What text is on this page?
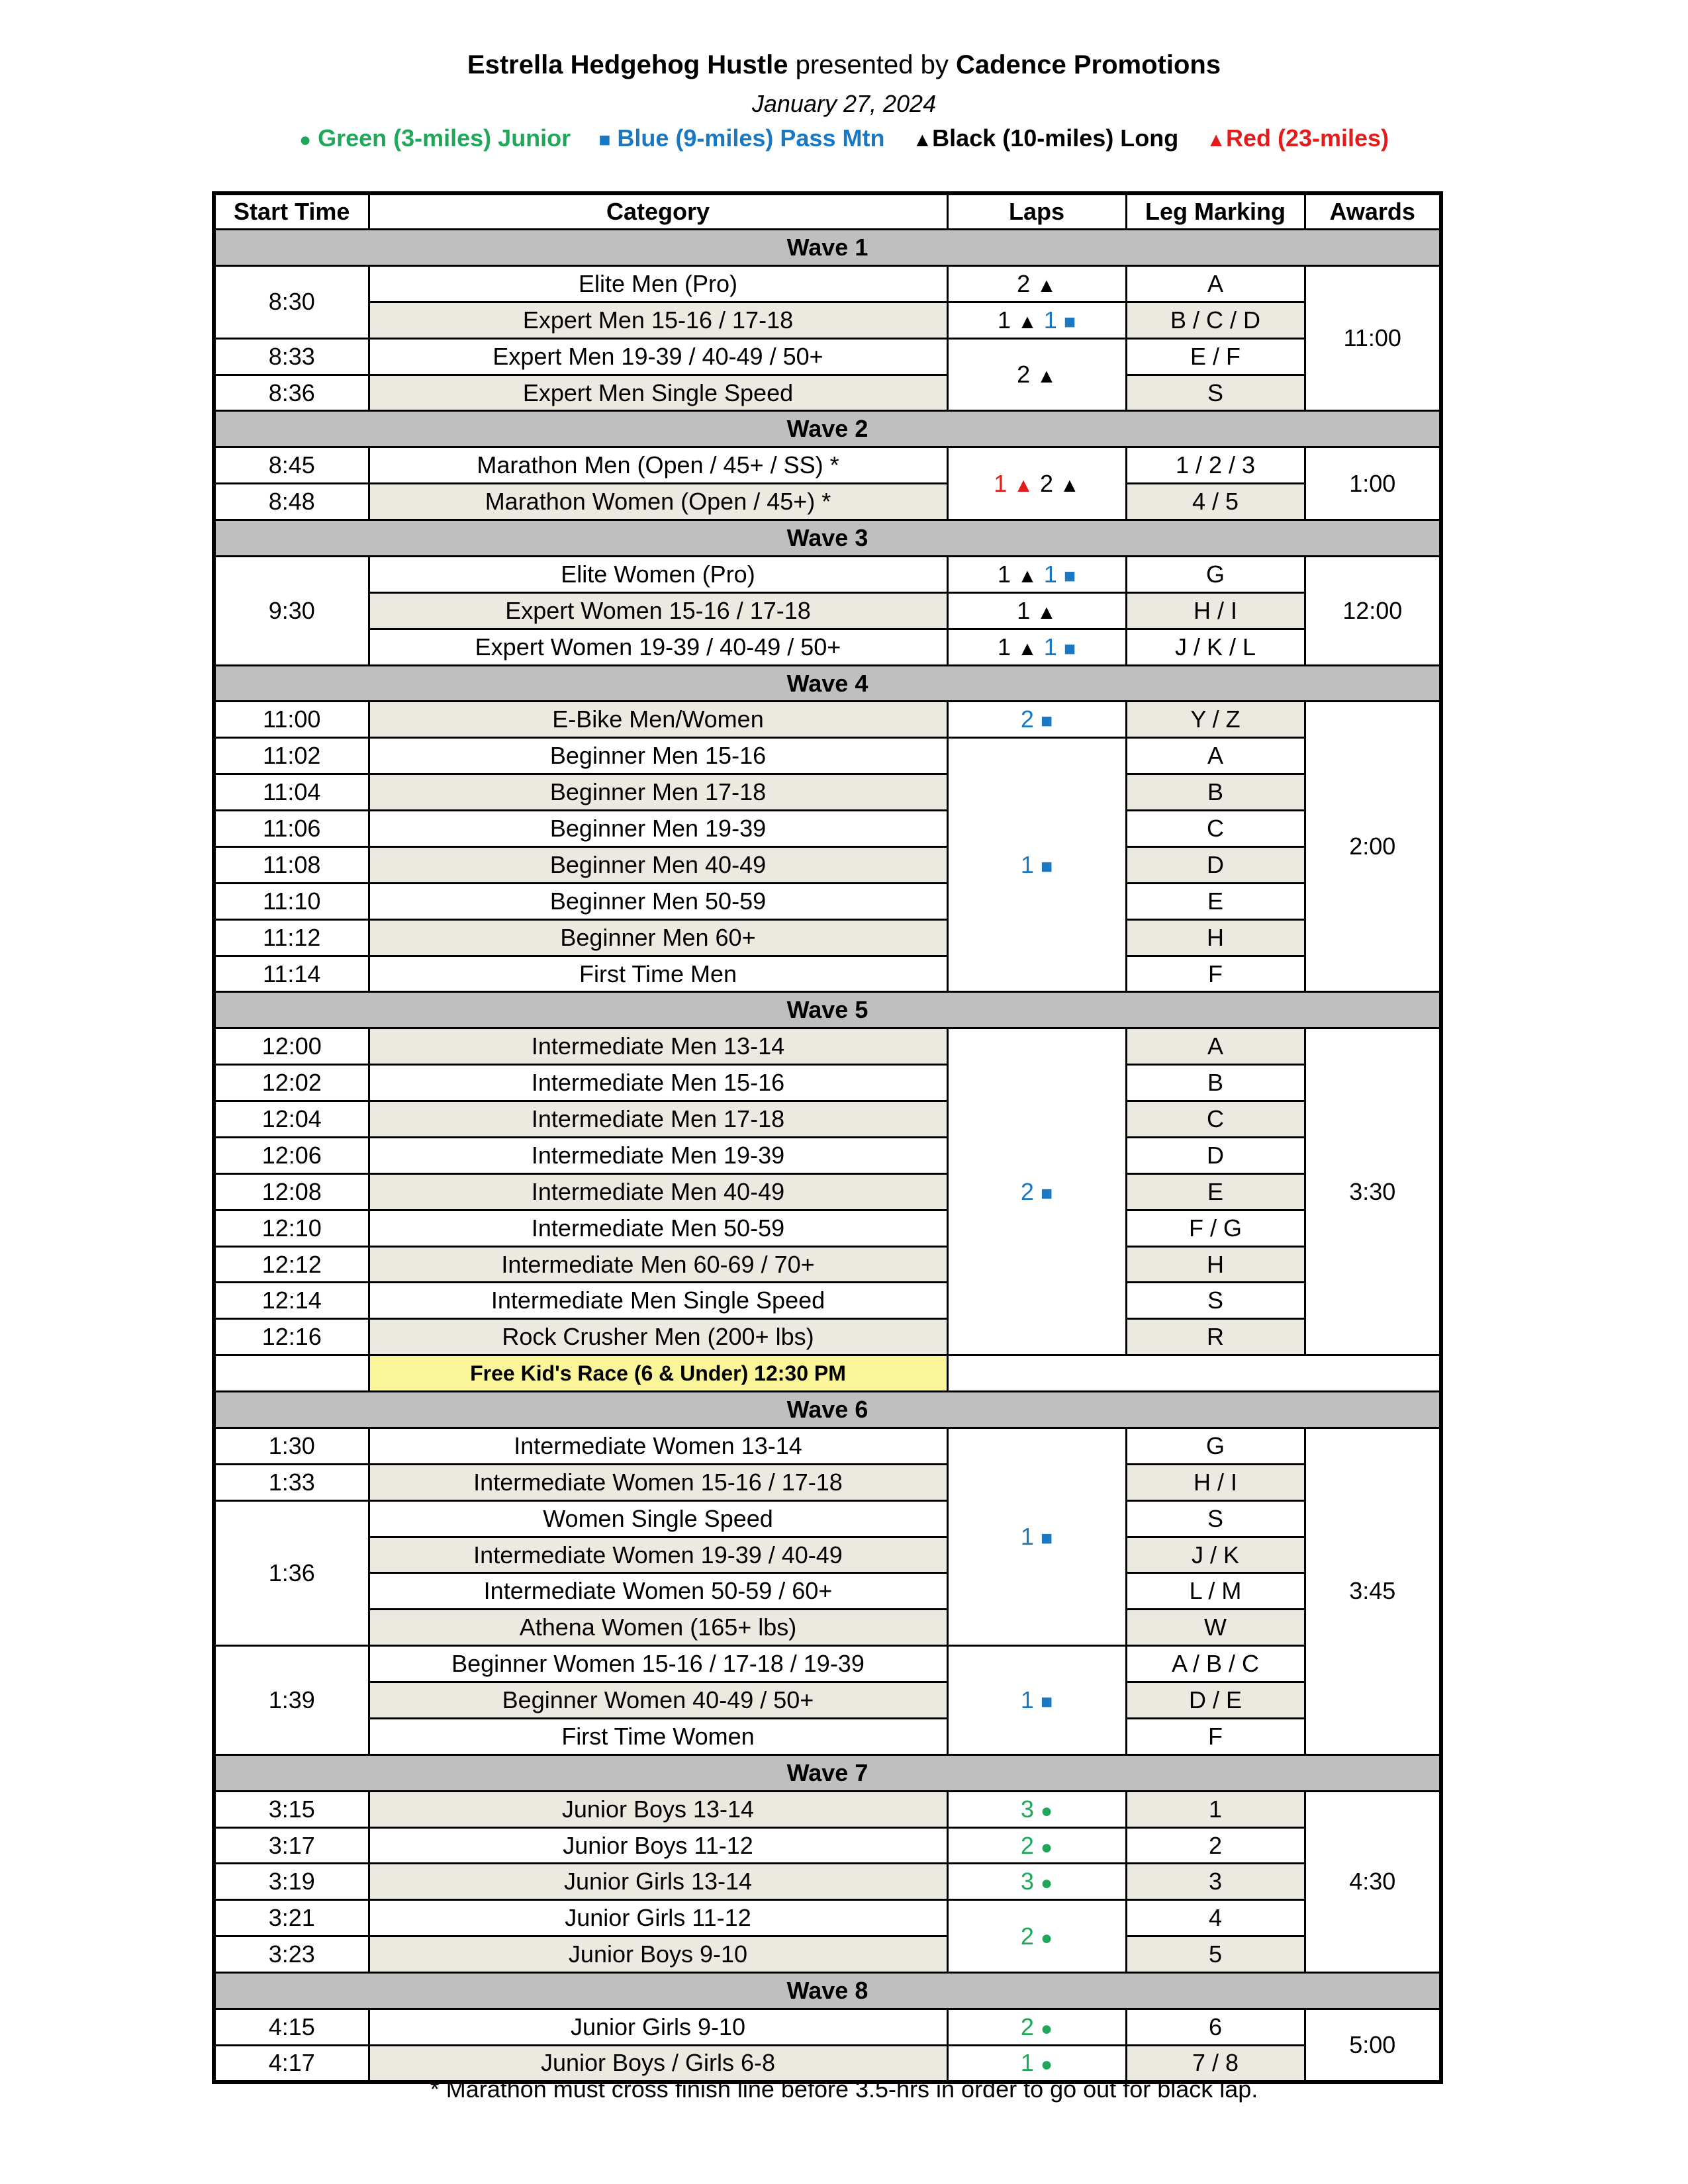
Estrella Hedgehog Hustle presented by Cadence Promotions
January 27, 2024
● Green (3-miles) Junior ■ Blue (9-miles) Pass Mtn ▲Black (10-miles) Long ▲Red (23-miles)
Start Time	Category	Laps	Leg Marking	Awards
Wave 1				
8:30	Elite Men (Pro)	2 ▲	A	11:00
	Expert Men 15-16 / 17-18	1 ▲ 1 ■	B / C / D	
8:33	Expert Men 19-39 / 40-49 / 50+	2 ▲	E / F	
8:36	Expert Men Single Speed		S	
Wave 2				
8:45	Marathon Men (Open / 45+ / SS) *	1 ▲ 2 ▲	1 / 2 / 3	1:00
8:48	Marathon Women (Open / 45+) *		4 / 5	
Wave 3				
9:30	Elite Women (Pro)	1 ▲ 1 ■	G	12:00
	Expert Women 15-16 / 17-18	1 ▲	H / I	
	Expert Women 19-39 / 40-49 / 50+	1 ▲ 1 ■	J / K / L	
Wave 4				
11:00	E-Bike Men/Women	2 ■	Y / Z	2:00
11:02	Beginner Men 15-16	1 ■	A	
11:04	Beginner Men 17-18		B	
11:06	Beginner Men 19-39		C	
11:08	Beginner Men 40-49		D	
11:10	Beginner Men 50-59		E	
11:12	Beginner Men 60+		H	
11:14	First Time Men		F	
Wave 5				
12:00	Intermediate Men 13-14	2 ■	A	3:30
12:02	Intermediate Men 15-16		B	
12:04	Intermediate Men 17-18		C	
12:06	Intermediate Men 19-39		D	
12:08	Intermediate Men 40-49		E	
12:10	Intermediate Men 50-59		F / G	
12:12	Intermediate Men 60-69 / 70+		H	
12:14	Intermediate Men Single Speed		S	
12:16	Rock Crusher Men (200+ lbs)		R	
	Free Kid's Race (6 & Under) 12:30 PM			
Wave 6				
1:30	Intermediate Women 13-14	1 ■	G	3:45
1:33	Intermediate Women 15-16 / 17-18		H / I	
1:36	Women Single Speed		S	
	Intermediate Women 19-39 / 40-49		J / K	
	Intermediate Women 50-59 / 60+		L / M	
	Athena Women (165+ lbs)		W	
1:39	Beginner Women 15-16 / 17-18 / 19-39	1 ■	A / B / C	
	Beginner Women 40-49 / 50+		D / E	
	First Time Women		F	
Wave 7				
3:15	Junior Boys 13-14	3 ●	1	4:30
3:17	Junior Boys 11-12	2 ●	2	
3:19	Junior Girls 13-14	3 ●	3	
3:21	Junior Girls 11-12	2 ●	4	
3:23	Junior Boys 9-10		5	
Wave 8				
4:15	Junior Girls 9-10	2 ●	6	5:00
4:17	Junior Boys / Girls 6-8	1 ●	7 / 8	
* Marathon must cross finish line before 3.5-hrs in order to go out for black lap.
